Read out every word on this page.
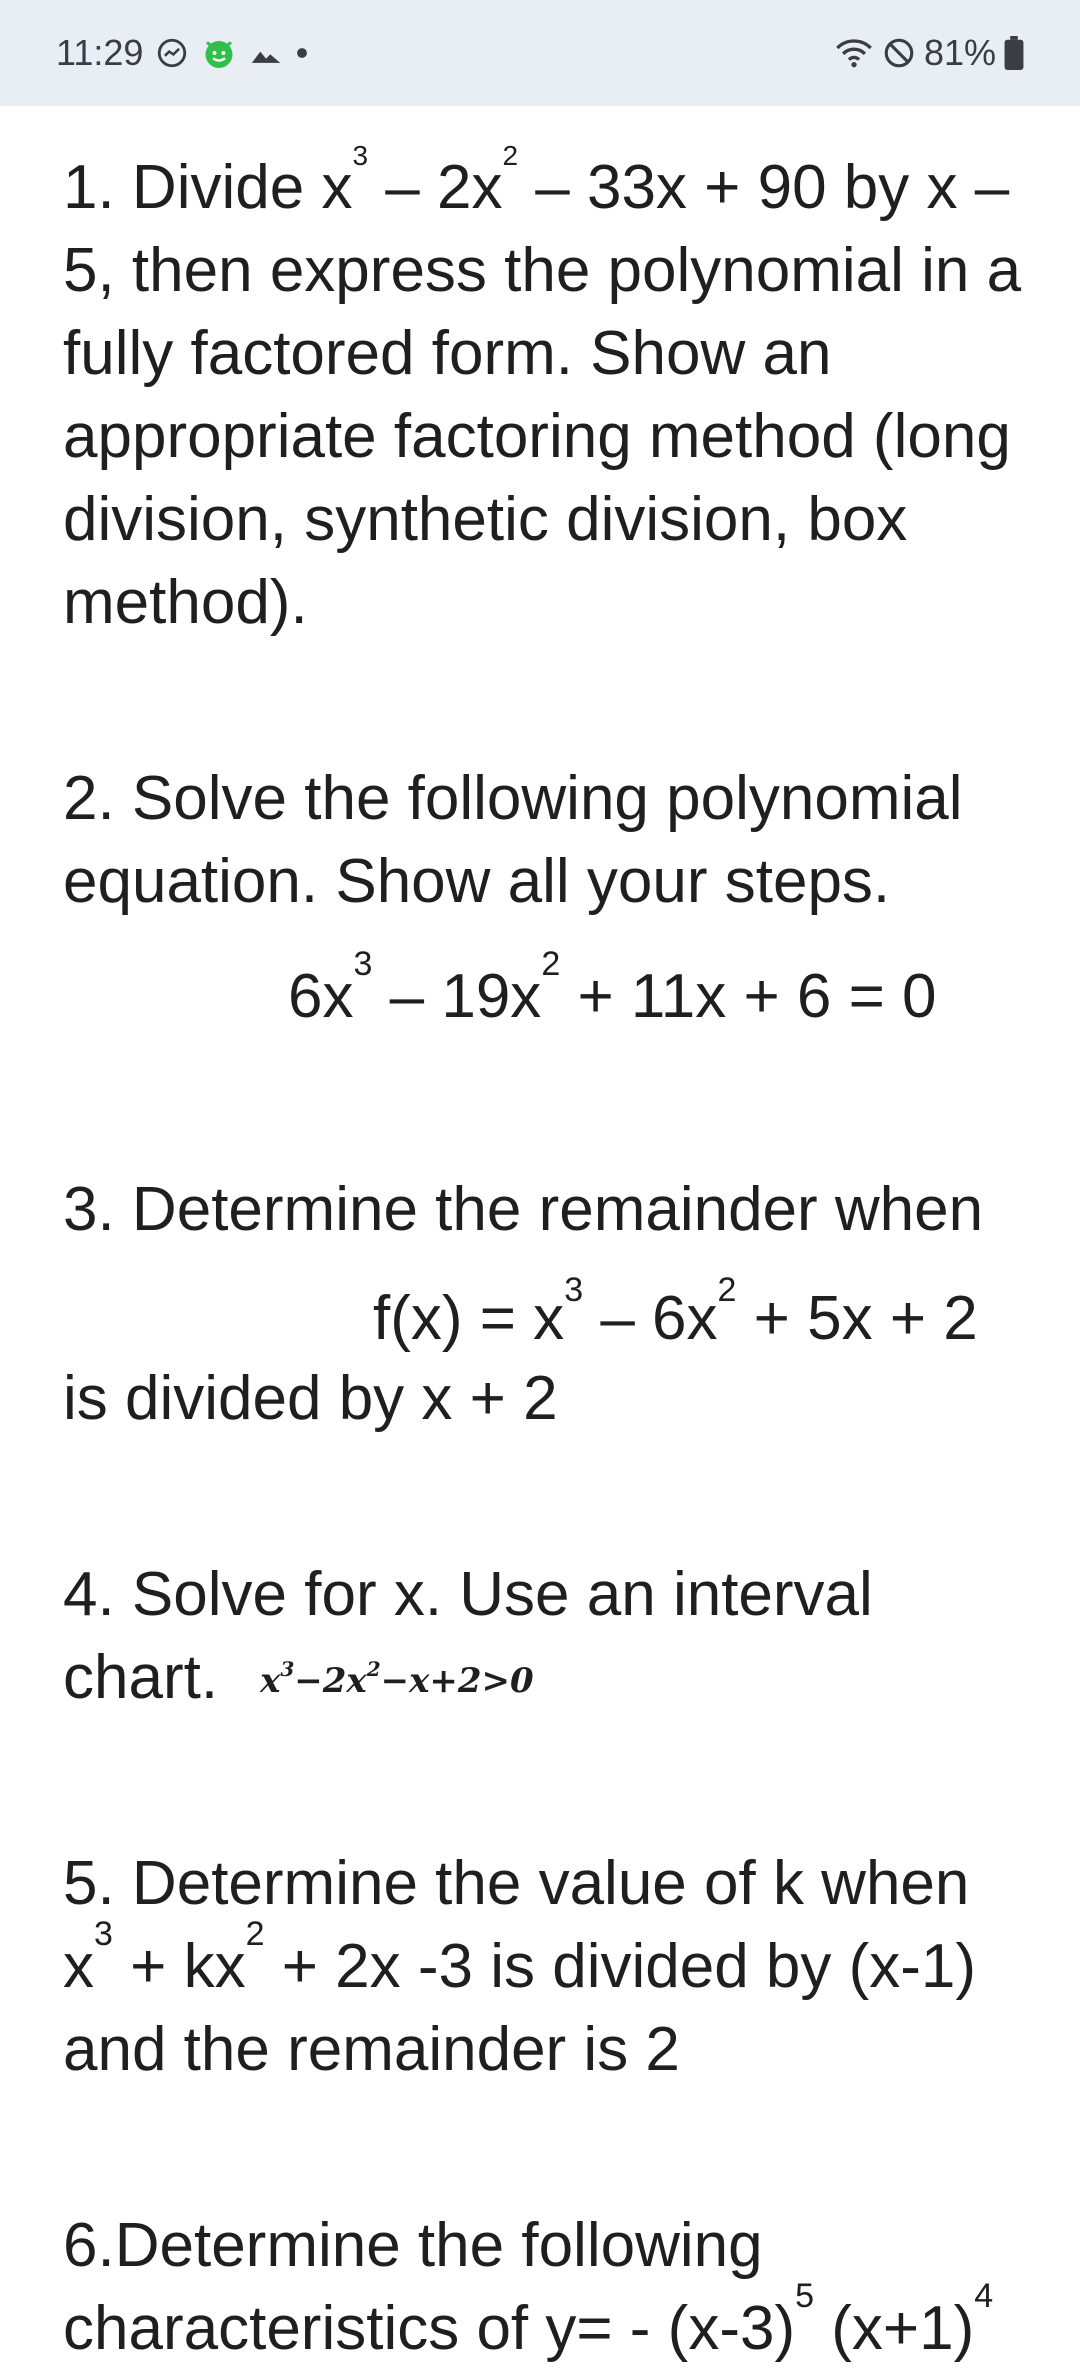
11:29	81%

1. Divide $x^3 - 2x^2 - 33x + 90$ by x – 5, then express the polynomial in a fully factored form. Show an appropriate factoring method (long division, synthetic division, box method).

2. Solve the following polynomial equation. Show all your steps.

$6x^3 - 19x^2 + 11x + 6 = 0$

3. Determine the remainder when

$f(x) = x^3 - 6x^2 + 5x + 2$

is divided by x + 2

4. Solve for x. Use an interval chart. $x^3-2x^2-x+2>0$

5. Determine the value of k when $x^3 + kx^2 + 2x$ -3 is divided by (x-1) and the remainder is 2

6.Determine the following characteristics of $y= - (x-3)^5$ $(x+1)^4$
